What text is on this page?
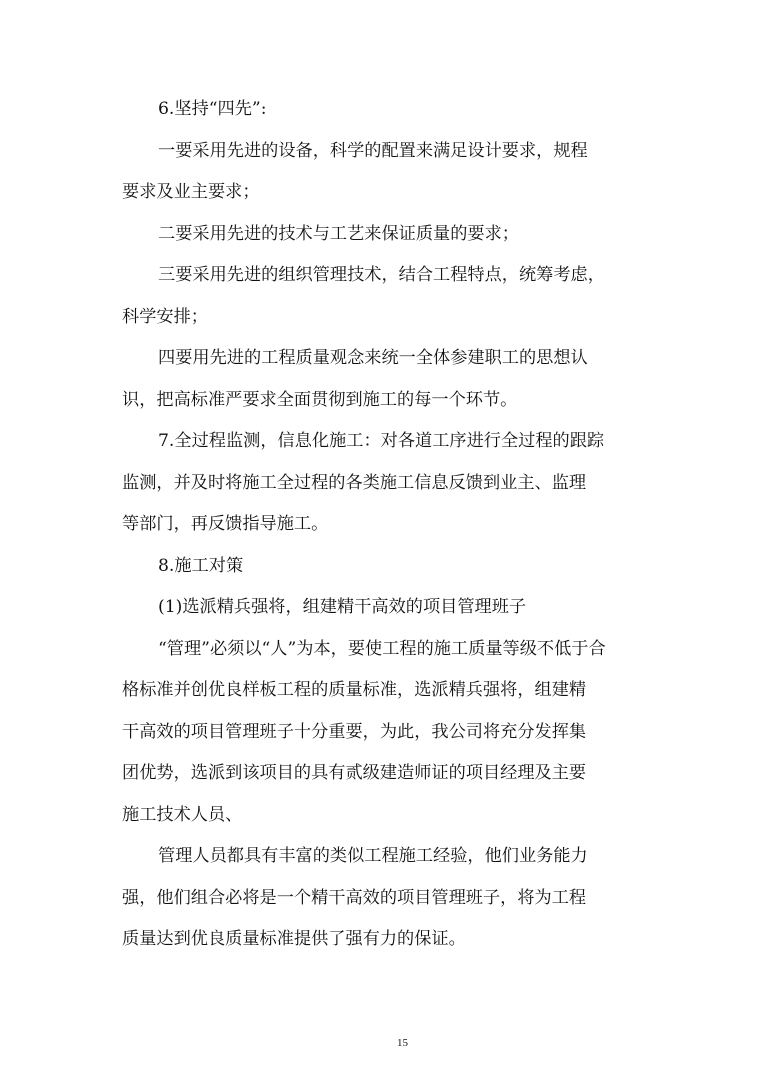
6.坚持“四先”:
一要采用先进的设备，科学的配置来满足设计要求，规程
要求及业主要求；
二要采用先进的技术与工艺来保证质量的要求；
三要采用先进的组织管理技术，结合工程特点，统筹考虑，
科学安排；
四要用先进的工程质量观念来统一全体参建职工的思想认
识，把高标准严要求全面贯彻到施工的每一个环节。
7.全过程监测，信息化施工：对各道工序进行全过程的跟踪
监测，并及时将施工全过程的各类施工信息反馈到业主、监理
等部门，再反馈指导施工。
8.施工对策
(1)选派精兵强将，组建精干高效的项目管理班子
“管理”必须以“人”为本，要使工程的施工质量等级不低于合
格标准并创优良样板工程的质量标准，选派精兵强将，组建精
干高效的项目管理班子十分重要，为此，我公司将充分发挥集
团优势，选派到该项目的具有贰级建造师证的项目经理及主要
施工技术人员、
管理人员都具有丰富的类似工程施工经验，他们业务能力
强，他们组合必将是一个精干高效的项目管理班子，将为工程
质量达到优良质量标准提供了强有力的保证。
15
